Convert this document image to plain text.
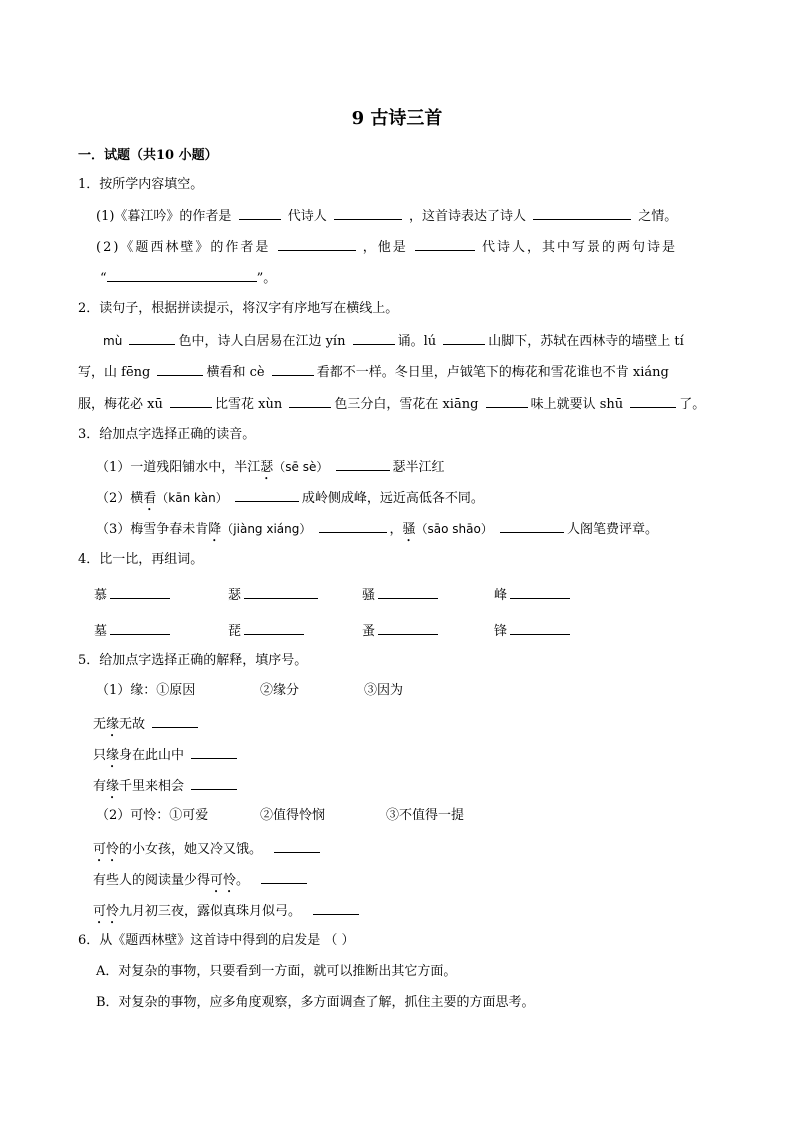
9 古诗三首
一．试题（共10 小题）
1．按所学内容填空。
(1)《暮江吟》的作者是	代诗人	，这首诗表达了诗人	之情。
(2)《题西林壁》的作者是	，他是	代诗人，其中写景的两句诗是
“	”。
2．读句子，根据拼读提示，将汉字有序地写在横线上。
mù	色中，诗人白居易在江边 yín	诵。lú	山脚下，苏轼在西林寺的墙壁上 tí
写，山 fēng	横看和 cè	看都不一样。冬日里，卢钺笔下的梅花和雪花谁也不肯 xiáng
服，梅花必 xū	比雪花 xùn	色三分白，雪花在 xiāng	味上就要认 shū	了。
3．给加点字选择正确的读音。
（1）一道残阳铺水中，半江瑟（sē sè）	瑟半江红
（2）横看（kān kàn）	成岭侧成峰，远近高低各不同。
（3）梅雪争春未肯降（jiàng xiáng）	，骚（sāo shāo）	人阁笔费评章。
4．比一比，再组词。
慕	瑟	骚	峰
墓	琵	蚤	锋
5．给加点字选择正确的解释，填序号。
（1）缘：①原因	②缘分	③因为
无缘无故
只缘身在此山中
有缘千里来相会
（2）可怜：①可爱	②值得怜悯	③不值得一提
可怜的小女孩，她又冷又饿。
有些人的阅读量少得可怜。
可怜九月初三夜，露似真珠月似弓。
6．从《题西林壁》这首诗中得到的启发是 （ ）
A．对复杂的事物，只要看到一方面，就可以推断出其它方面。
B．对复杂的事物，应多角度观察，多方面调查了解，抓住主要的方面思考。
